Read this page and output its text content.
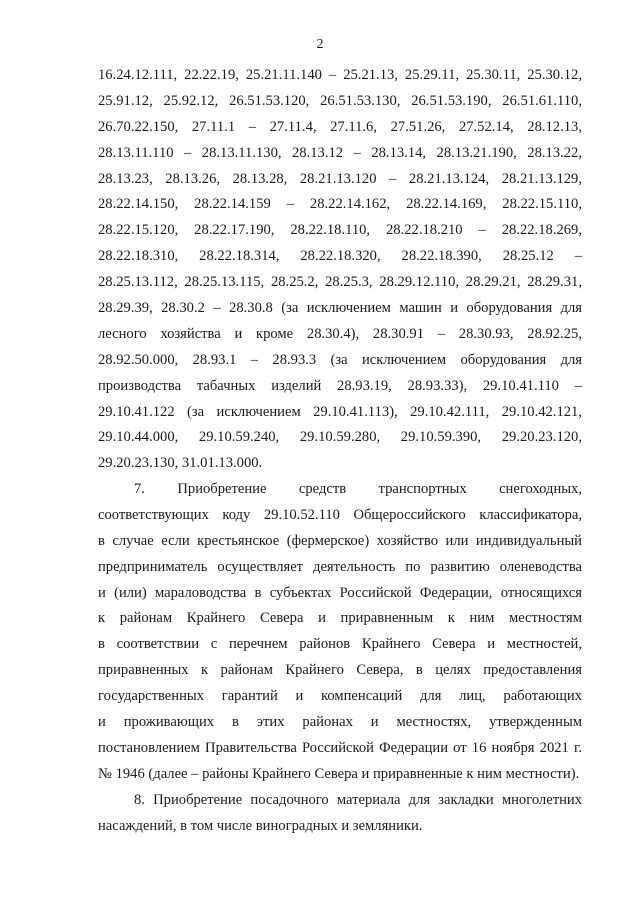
2
16.24.12.111, 22.22.19, 25.21.11.140 – 25.21.13, 25.29.11, 25.30.11, 25.30.12,
25.91.12, 25.92.12, 26.51.53.120, 26.51.53.130, 26.51.53.190, 26.51.61.110,
26.70.22.150, 27.11.1 – 27.11.4, 27.11.6, 27.51.26, 27.52.14, 28.12.13,
28.13.11.110 – 28.13.11.130, 28.13.12 – 28.13.14, 28.13.21.190, 28.13.22,
28.13.23, 28.13.26, 28.13.28, 28.21.13.120 – 28.21.13.124, 28.21.13.129,
28.22.14.150, 28.22.14.159 – 28.22.14.162, 28.22.14.169, 28.22.15.110,
28.22.15.120, 28.22.17.190, 28.22.18.110, 28.22.18.210 – 28.22.18.269,
28.22.18.310, 28.22.18.314, 28.22.18.320, 28.22.18.390, 28.25.12 –
28.25.13.112, 28.25.13.115, 28.25.2, 28.25.3, 28.29.12.110, 28.29.21, 28.29.31,
28.29.39, 28.30.2 – 28.30.8 (за исключением машин и оборудования для
лесного хозяйства и кроме 28.30.4), 28.30.91 – 28.30.93, 28.92.25,
28.92.50.000, 28.93.1 – 28.93.3 (за исключением оборудования для
производства табачных изделий 28.93.19, 28.93.33), 29.10.41.110 –
29.10.41.122 (за исключением 29.10.41.113), 29.10.42.111, 29.10.42.121,
29.10.44.000, 29.10.59.240, 29.10.59.280, 29.10.59.390, 29.20.23.120,
29.20.23.130, 31.01.13.000.
7. Приобретение средств транспортных снегоходных,
соответствующих коду 29.10.52.110 Общероссийского классификатора,
в случае если крестьянское (фермерское) хозяйство или индивидуальный
предприниматель осуществляет деятельность по развитию оленеводства
и (или) мараловодства в субъектах Российской Федерации, относящихся
к районам Крайнего Севера и приравненным к ним местностям
в соответствии с перечнем районов Крайнего Севера и местностей,
приравненных к районам Крайнего Севера, в целях предоставления
государственных гарантий и компенсаций для лиц, работающих
и проживающих в этих районах и местностях, утвержденным
постановлением Правительства Российской Федерации от 16 ноября 2021 г.
№ 1946 (далее – районы Крайнего Севера и приравненные к ним местности).
8. Приобретение посадочного материала для закладки многолетних
насаждений, в том числе виноградных и земляники.
